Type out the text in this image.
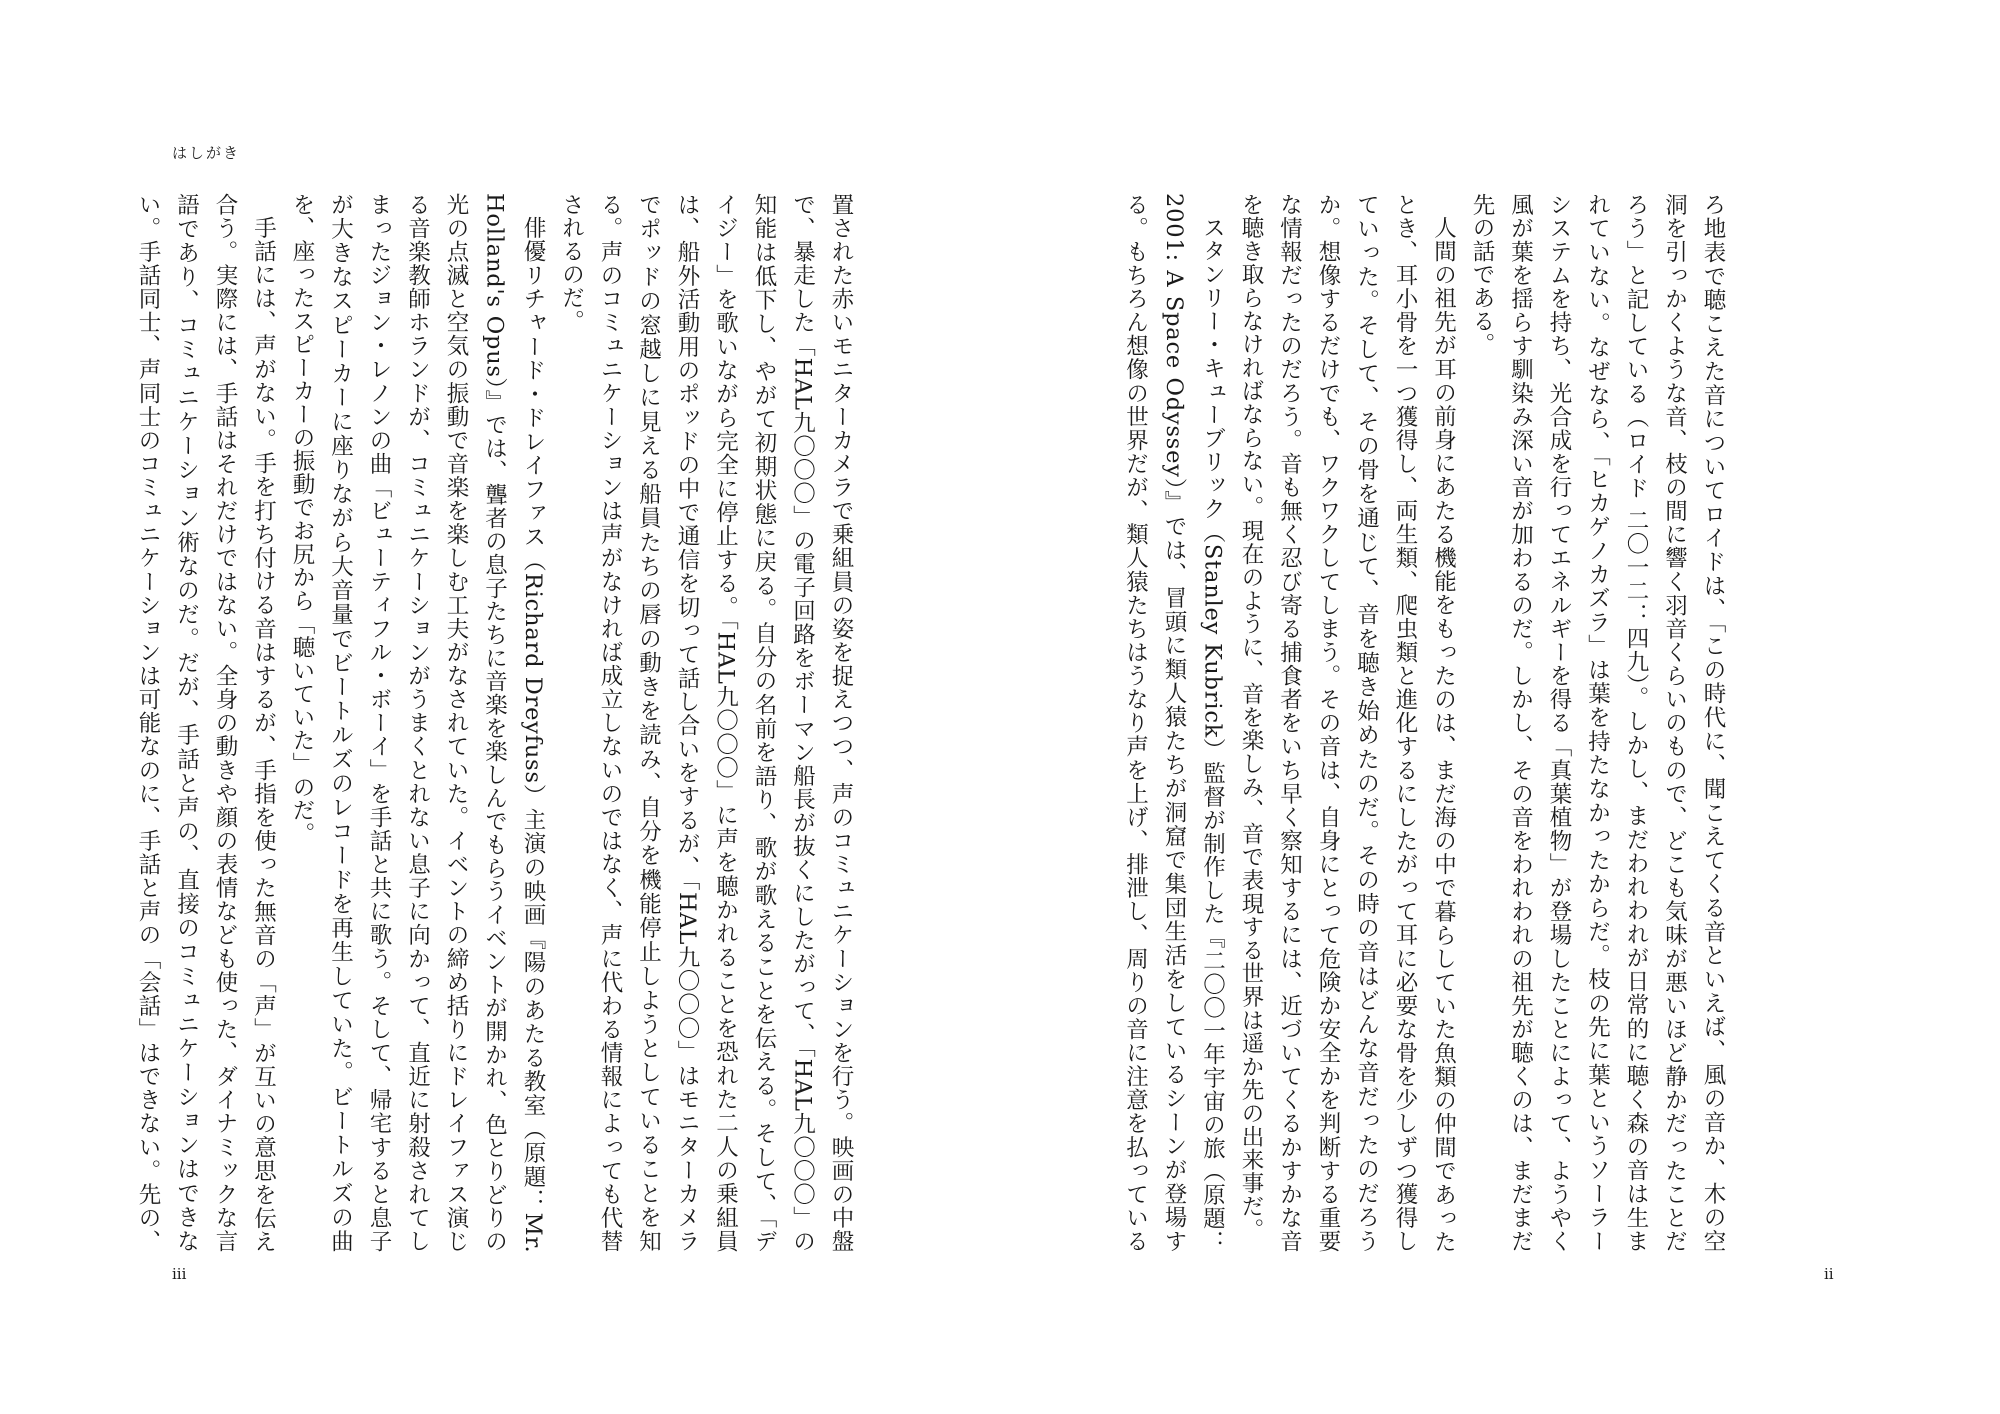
はしがき

置された赤いモニターカメラで乗組員の姿を捉えつつ、声のコミュニケーションを行う。映画の中盤で、暴走した「HAL九〇〇〇」の電子回路をボーマン船長が抜くにしたがって、「HAL九〇〇〇」の知能は低下し、やがて初期状態に戻る。自分の名前を語り、歌が歌えることを伝える。そして、「デイジー」を歌いながら完全に停止する。「HAL九〇〇〇」に声を聴かれることを恐れた二人の乗組員は、船外活動用のポッドの中で通信を切って話し合いをするが、「HAL九〇〇〇」はモニターカメラでポッドの窓越しに見える船員たちの唇の動きを読み、自分を機能停止しようとしていることを知る。声のコミュニケーションは声がなければ成立しないのではなく、声に代わる情報によっても代替されるのだ。

俳優リチャード・ドレイファス（Richard Dreyfuss）主演の映画『陽のあたる教室（原題：Mr. Holland's Opus）』では、聾者の息子たちに音楽を楽しんでもらうイベントが開かれ、色とりどりの光の点滅と空気の振動で音楽を楽しむ工夫がなされていた。イベントの締め括りにドレイファス演じる音楽教師ホランドが、コミュニケーションがうまくとれない息子に向かって、直近に射殺されてしまったジョン・レノンの曲「ビューティフル・ボーイ」を手話と共に歌う。そして、帰宅すると息子が大きなスピーカーに座りながら大音量でビートルズのレコードを再生していた。ビートルズの曲を、座ったスピーカーの振動でお尻から「聴いていた」のだ。

手話には、声がない。手を打ち付ける音はするが、手指を使った無音の「声」が互いの意思を伝え合う。実際には、手話はそれだけではない。全身の動きや顔の表情なども使った、ダイナミックな言語であり、コミュニケーション術なのだ。だが、手話と声の、直接のコミュニケーションはできない。手話同士、声同士のコミュニケーションは可能なのに、手話と声の「会話」はできない。先の、	ろ地表で聴こえた音についてロイドは、「この時代に、聞こえてくる音といえば、風の音か、木の空洞を引っかくような音、枝の間に響く羽音くらいのもので、どこも気味が悪いほど静かだったことだろう」と記している（ロイド 二〇一二：四九）。しかし、まだわれわれが日常的に聴く森の音は生まれていない。なぜなら、「ヒカゲノカズラ」は葉を持たなかったからだ。枝の先に葉というソーラーシステムを持ち、光合成を行ってエネルギーを得る「真葉植物」が登場したことによって、ようやく風が葉を揺らす馴染み深い音が加わるのだ。しかし、その音をわれわれの祖先が聴くのは、まだまだ先の話である。

人間の祖先が耳の前身にあたる機能をもったのは、まだ海の中で暮らしていた魚類の仲間であったとき、耳小骨を一つ獲得し、両生類、爬虫類と進化するにしたがって耳に必要な骨を少しずつ獲得していった。そして、その骨を通じて、音を聴き始めたのだ。その時の音はどんな音だったのだろうか。想像するだけでも、ワクワクしてしまう。その音は、自身にとって危険か安全かを判断する重要な情報だったのだろう。音も無く忍び寄る捕食者をいち早く察知するには、近づいてくるかすかな音を聴き取らなければならない。現在のように、音を楽しみ、音で表現する世界は遥か先の出来事だ。

スタンリー・キューブリック（Stanley Kubrick）監督が制作した『二〇〇一年宇宙の旅（原題：2001: A Space Odyssey）』では、冒頭に類人猿たちが洞窟で集団生活をしているシーンが登場する。もちろん想像の世界だが、類人猿たちはうなり声を上げ、排泄し、周りの音に注意を払っている

iii	ii
